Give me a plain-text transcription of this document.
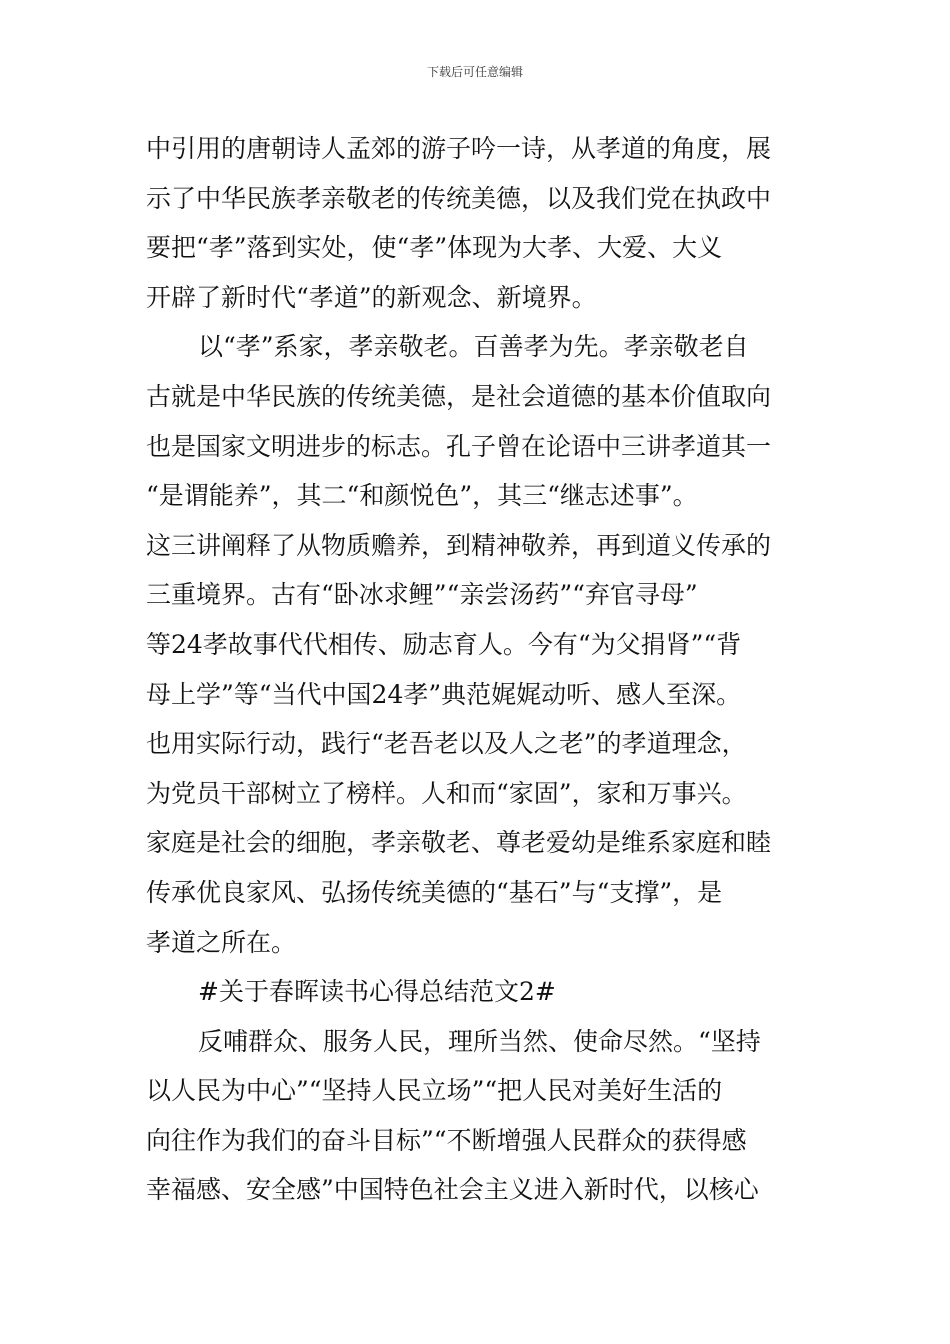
下载后可任意编辑
中引用的唐朝诗人孟郊的游子吟一诗，从孝道的角度，展
示了中华民族孝亲敬老的传统美德，以及我们党在执政中
要把“孝”落到实处，使“孝”体现为大孝、大爱、大义
开辟了新时代“孝道”的新观念、新境界。
以“孝”系家，孝亲敬老。百善孝为先。孝亲敬老自
古就是中华民族的传统美德，是社会道德的基本价值取向
也是国家文明进步的标志。孔子曾在论语中三讲孝道其一
“是谓能养”，其二“和颜悦色”，其三“继志述事”。
这三讲阐释了从物质赡养，到精神敬养，再到道义传承的
三重境界。古有“卧冰求鲤”“亲尝汤药”“弃官寻母”
等24孝故事代代相传、励志育人。今有“为父捐肾”“背
母上学”等“当代中国24孝”典范娓娓动听、感人至深。
也用实际行动，践行“老吾老以及人之老”的孝道理念，
为党员干部树立了榜样。人和而“家固”，家和万事兴。
家庭是社会的细胞，孝亲敬老、尊老爱幼是维系家庭和睦
传承优良家风、弘扬传统美德的“基石”与“支撑”，是
孝道之所在。
#关于春晖读书心得总结范文2#
反哺群众、服务人民，理所当然、使命尽然。“坚持
以人民为中心”“坚持人民立场”“把人民对美好生活的
向往作为我们的奋斗目标”“不断增强人民群众的获得感
幸福感、安全感”中国特色社会主义进入新时代，以核心
